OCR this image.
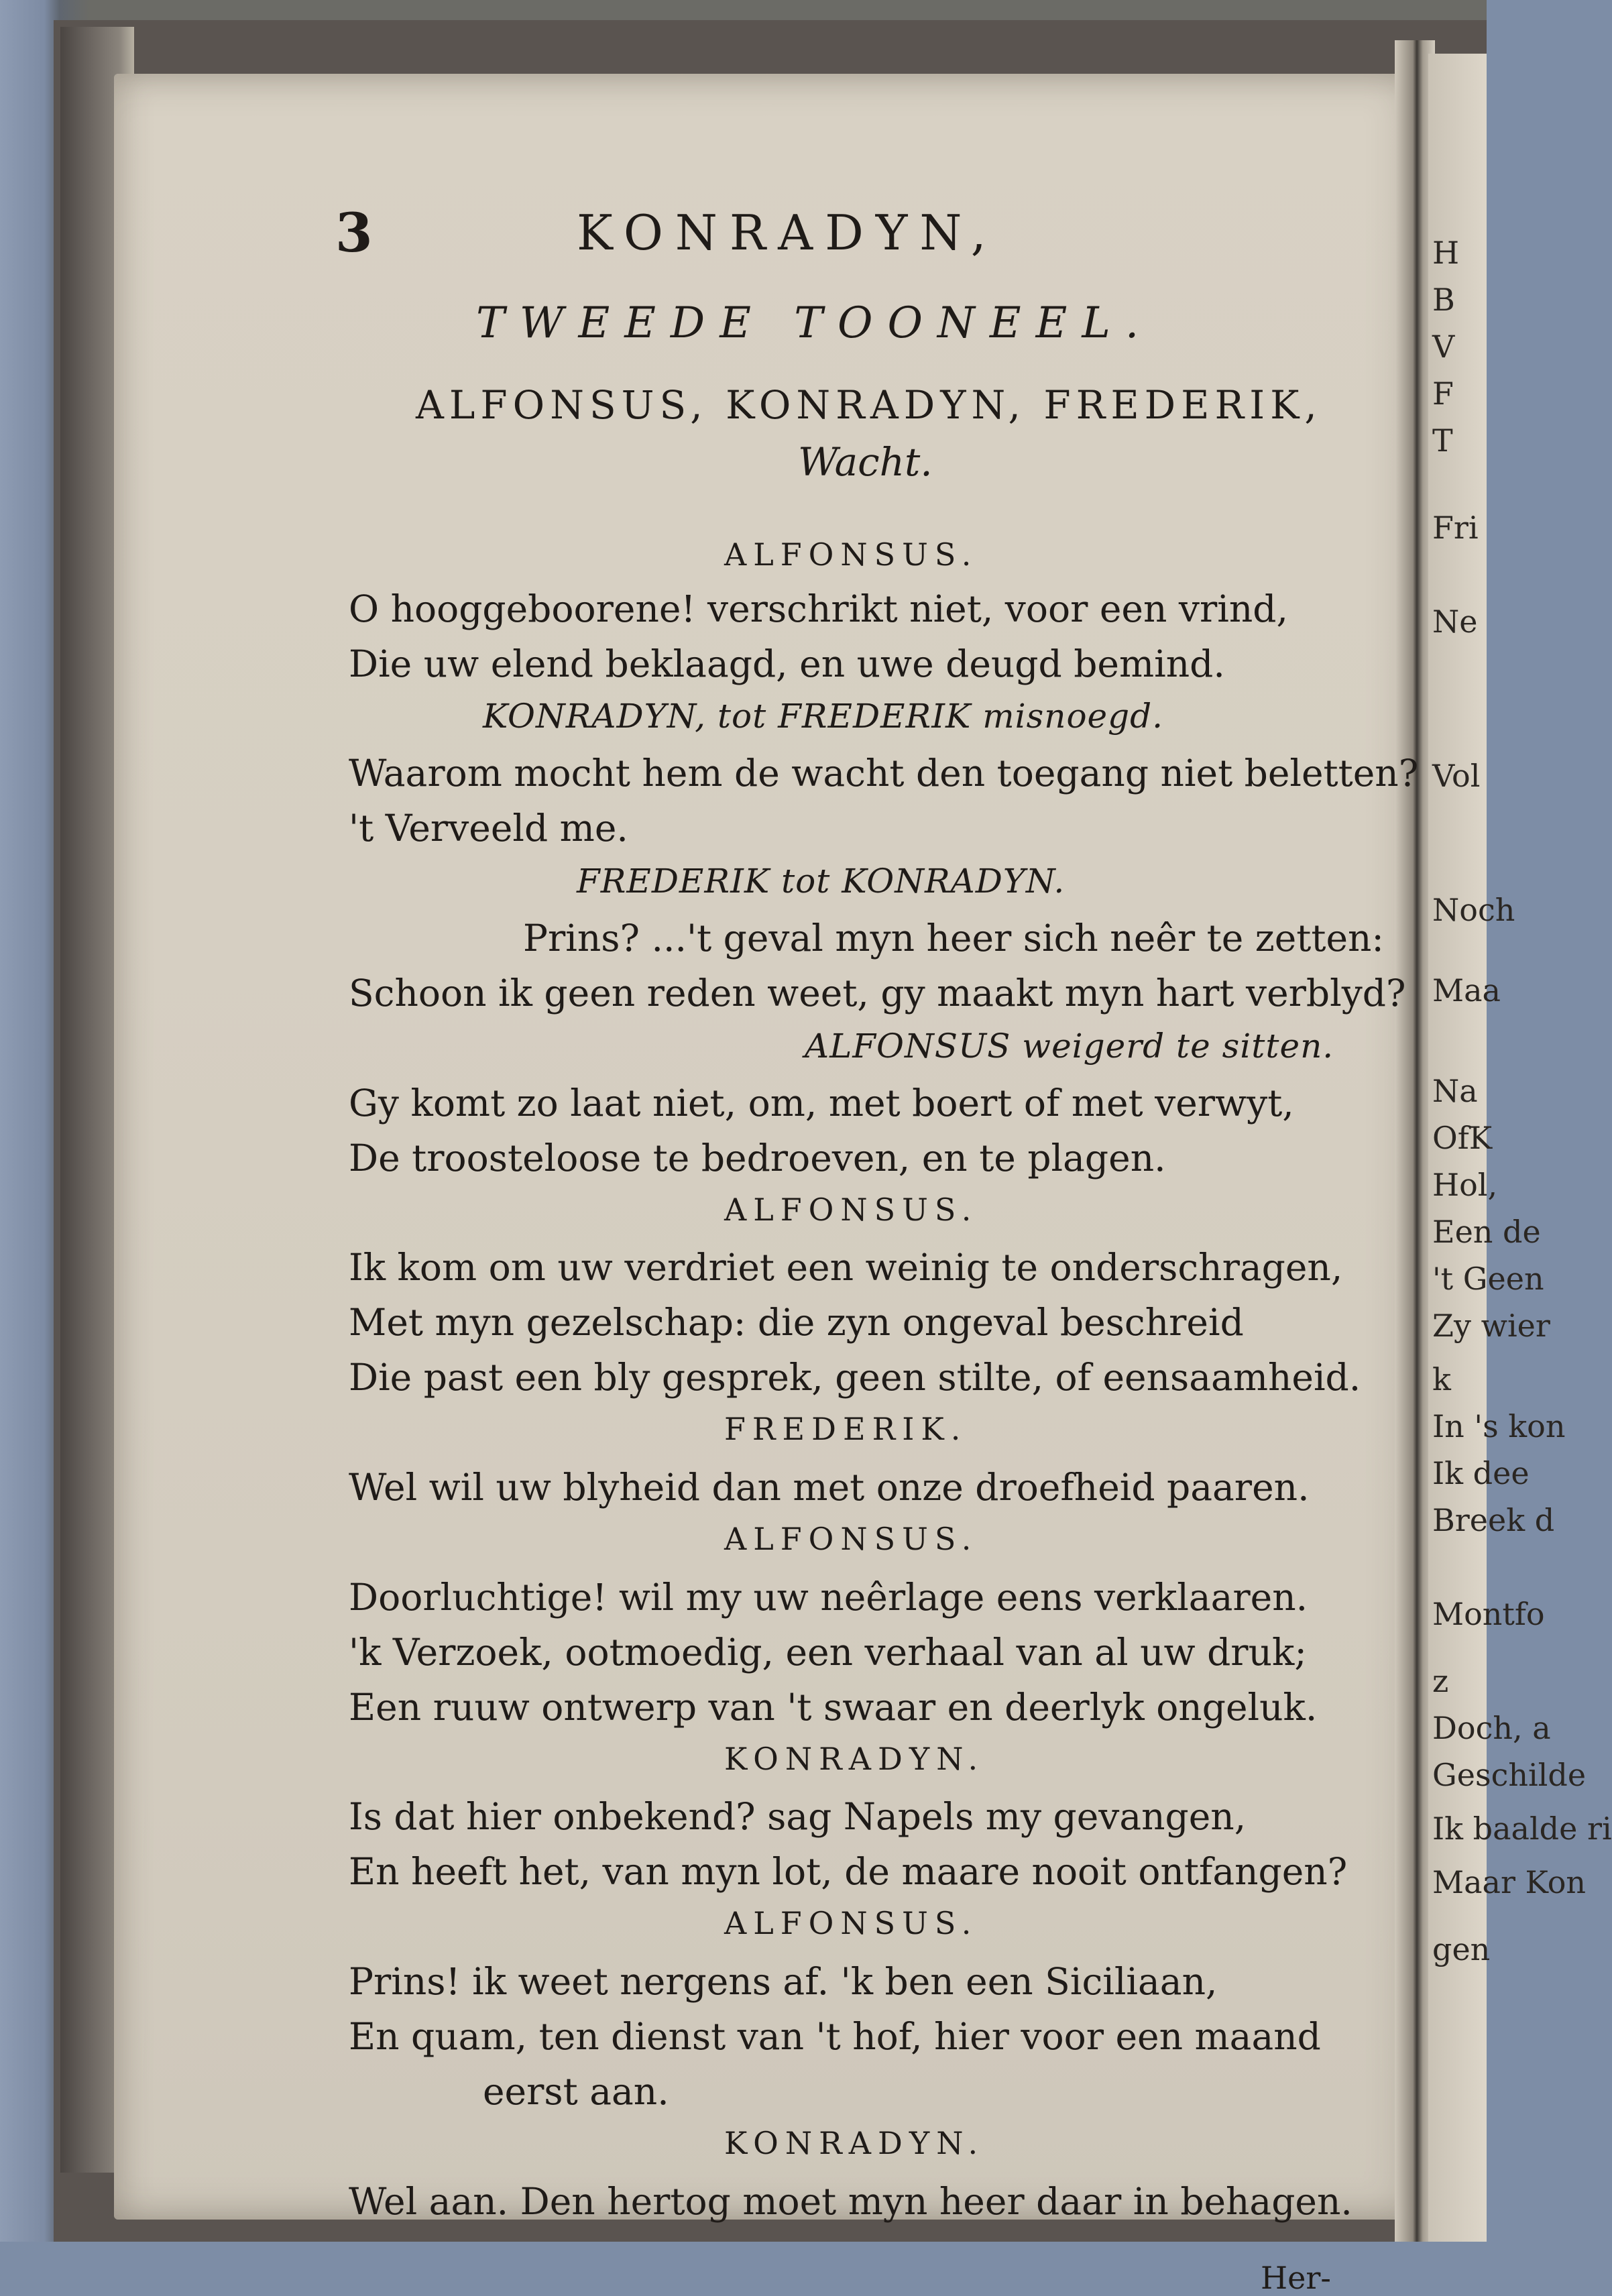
H
B
V
F
T
Fri
Ne
Vol
Noch
Maa
Na
OfK
Hol,
Een de
't Geen
Zy wier
k
In 's kon
Ik dee
Breek d
Montfo
z
Doch, a
Geschilde
Ik baalde ri
Maar Kon
gen
3	KONRADYN,
TWEEDE TOONEEL.
ALFONSUS, KONRADYN, FREDERIK,
Wacht.
ALFONSUS.
O hooggeboorene! verschrikt niet, voor een vrind,
Die uw elend beklaagd, en uwe deugd bemind.
KONRADYN, tot FREDERIK misnoegd.
Waarom mocht hem de wacht den toegang niet beletten?
't Verveeld me.
FREDERIK tot KONRADYN.
Prins? ...'t geval myn heer sich neêr te zetten:
Schoon ik geen reden weet, gy maakt myn hart verblyd?
ALFONSUS weigerd te sitten.
Gy komt zo laat niet, om, met boert of met verwyt,
De troosteloose te bedroeven, en te plagen.
ALFONSUS.
Ik kom om uw verdriet een weinig te onderschragen,
Met myn gezelschap: die zyn ongeval beschreid
Die past een bly gesprek, geen stilte, of eensaamheid.
FREDERIK.
Wel wil uw blyheid dan met onze droefheid paaren.
ALFONSUS.
Doorluchtige! wil my uw neêrlage eens verklaaren.
'k Verzoek, ootmoedig, een verhaal van al uw druk;
Een ruuw ontwerp van 't swaar en deerlyk ongeluk.
KONRADYN.
Is dat hier onbekend? sag Napels my gevangen,
En heeft het, van myn lot, de maare nooit ontfangen?
ALFONSUS.
Prins! ik weet nergens af. 'k ben een Siciliaan,
En quam, ten dienst van 't hof, hier voor een maand
eerst aan.
KONRADYN.
Wel aan. Den hertog moet myn heer daar in behagen.
Her-
